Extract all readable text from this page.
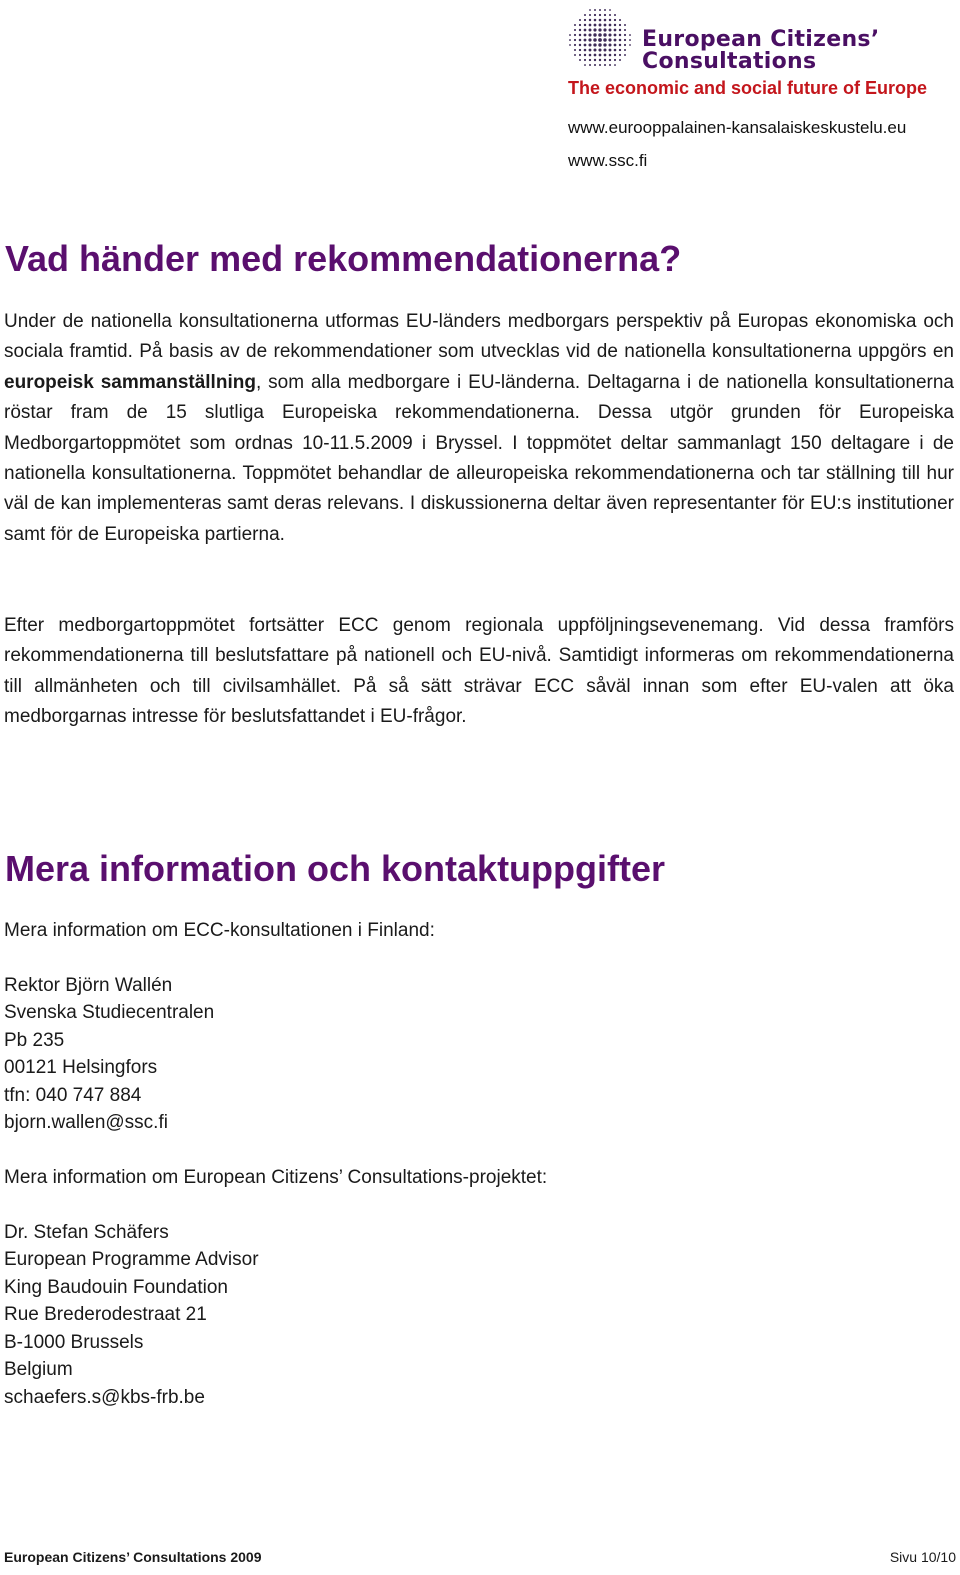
European Citizens’
Consultations
The economic and social future of Europe
www.eurooppalainen-kansalaiskeskustelu.eu
www.ssc.fi
Vad händer med rekommendationerna?

Under de nationella konsultationerna utformas EU-länders medborgars perspektiv på Europas ekonomiska och sociala framtid. På basis av de rekommendationer som utvecklas vid de nationella konsultationerna uppgörs en europeisk sammanställning, som alla medborgare i EU-länderna. Deltagarna i de nationella konsultationerna röstar fram de 15 slutliga Europeiska rekommendationerna. Dessa utgör grunden för Europeiska Medborgartoppmötet som ordnas 10-11.5.2009 i Bryssel. I toppmötet deltar sammanlagt 150 deltagare i de nationella konsultationerna. Toppmötet behandlar de alleuropeiska rekommendationerna och tar ställning till hur väl de kan implementeras samt deras relevans. I diskussionerna deltar även representanter för EU:s institutioner samt för de Europeiska partierna.

Efter medborgartoppmötet fortsätter ECC genom regionala uppföljningsevenemang. Vid dessa framförs rekommendationerna till beslutsfattare på nationell och EU-nivå. Samtidigt informeras om rekommendationerna till allmänheten och till civilsamhället. På så sätt strävar ECC såväl innan som efter EU-valen att öka medborgarnas intresse för beslutsfattandet i EU-frågor.

Mera information och kontaktuppgifter
Mera information om ECC-konsultationen i Finland:
Rektor Björn Wallén
Svenska Studiecentralen
Pb 235
00121 Helsingfors
tfn: 040 747 884
bjorn.wallen@ssc.fi
Mera information om European Citizens’ Consultations-projektet:
Dr. Stefan Schäfers
European Programme Advisor
King Baudouin Foundation
Rue Brederodestraat 21
B-1000 Brussels
Belgium
schaefers.s@kbs-frb.be
European Citizens’ Consultations 2009	Sivu 10/10
